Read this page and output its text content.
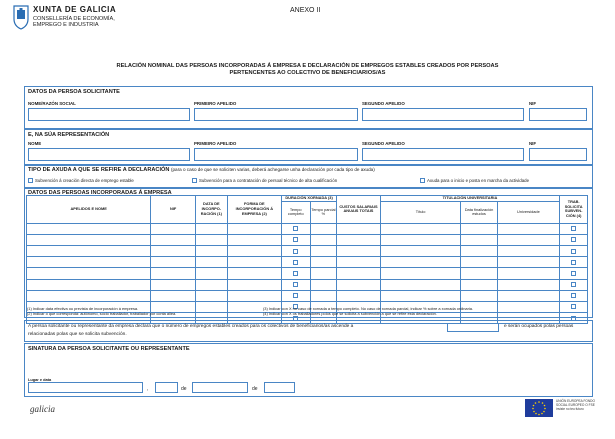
XUNTA DE GALICIA
CONSELLERÍA DE ECONOMÍA,
EMPREGO E INDUSTRIA
ANEXO II
RELACIÓN NOMINAL DAS PERSOAS INCORPORADAS Á EMPRESA E DECLARACIÓN DE EMPREGOS ESTABLES CREADOS POR PERSOAS
PERTENCENTES AO COLECTIVO DE BENEFICIARIOS/AS
DATOS DA PERSOA SOLICITANTE
NOME/RAZÓN SOCIAL	PRIMEIRO APELIDO	SEGUNDO APELIDO	NIF
E, NA SÚA REPRESENTACIÓN
NOME	PRIMEIRO APELIDO	SEGUNDO APELIDO	NIF
TIPO DE AXUDA A QUE SE REFIRE A DECLARACIÓN (para o caso de que se soliciten varias, deberá achegarse unha declaración por cada tipo de axuda)
Subvención á creación directa de emprego estable	Subvención para a contratación de persoal técnico de alta cualificación	Axuda para o inicio e posta en marcha da actividade
DATOS DAS PERSOAS INCORPORADAS Á EMPRESA
APELIDOS E NOME	NIF	DATA DE INCORPO-RACIÓN (1)	FORMA DE INCORPORACIÓN Á EMPRESA (2)	DURACIÓN XORNADA (3)		CUSTOS SALARIAIS ANUAIS TOTAIS	TITULACIÓN UNIVERSITARIA			TRAB. SOLICITA SUBVEN-CIÓN (4)
				Tempo completo	Tempo parcial %		Título	Data finalización estudos	Universidade	

(1) Indicar data efectiva ou prevista de incorporación á empresa.
(2) Indicar o que corresponda: autónomo, socio traballador, traballador por conta allea.
(3) Indicar con X no caso de xornada a tempo completo. No caso de xornada parcial, indicar % sobre a xornada ordinaria.
(4) Indicar con X os traballadores polos que se solicita a subvención a que se refire esta declaración.
A persoa solicitante ou representante da empresa declara que o número de empregos estables creados para os colectivos de beneficiarios/as ascende a	e serán ocupados polas persoas
relacionadas polas que se solicita subvención.
SINATURA DA PERSOA SOLICITANTE OU REPRESENTANTE
Lugar e data
,	de	de
galicia
UNIÓN EUROPEA FONDO SOCIAL EUROPEO O FSE inviste no teu futuro
